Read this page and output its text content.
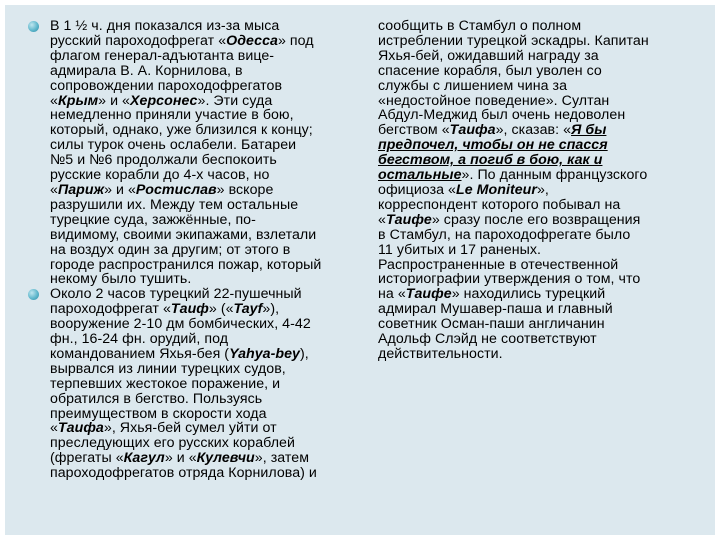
В 1 ½ ч. дня показался из-за мыса
русский пароходофрегат «Одесса» под
флагом генерал-адъютанта вице-
адмирала В. А. Корнилова, в
сопровождении пароходофрегатов
«Крым» и «Херсонес». Эти суда
немедленно приняли участие в бою,
который, однако, уже близился к концу;
силы турок очень ослабели. Батареи
№5 и №6 продолжали беспокоить
русские корабли до 4-х часов, но
«Париж» и «Ростислав» вскоре
разрушили их. Между тем остальные
турецкие суда, зажжённые, по-
видимому, своими экипажами, взлетали
на воздух один за другим; от этого в
городе распространился пожар, который
некому было тушить.
Около 2 часов турецкий 22-пушечный
пароходофрегат «Таиф» («Tayf»),
вооружение 2-10 дм бомбических, 4-42
фн., 16-24 фн. орудий, под
командованием Яхья-бея (Yahya-bey),
вырвался из линии турецких судов,
терпевших жестокое поражение, и
обратился в бегство. Пользуясь
преимуществом в скорости хода
«Таифа», Яхья-бей сумел уйти от
преследующих его русских кораблей
(фрегаты «Кагул» и «Кулевчи», затем
пароходофрегатов отряда Корнилова) и
сообщить в Стамбул о полном
истреблении турецкой эскадры. Капитан
Яхья-бей, ожидавший награду за
спасение корабля, был уволен со
службы с лишением чина за
«недостойное поведение». Султан
Абдул-Меджид был очень недоволен
бегством «Таифа», сказав: «Я бы
предпочел, чтобы он не спасся
бегством, а погиб в бою, как и
остальные». По данным французского
официоза «Le Moniteur»,
корреспондент которого побывал на
«Таифе» сразу после его возвращения
в Стамбул, на пароходофрегате было
11 убитых и 17 раненых.
Распространенные в отечественной
историографии утверждения о том, что
на «Таифе» находились турецкий
адмирал Мушавер-паша и главный
советник Осман-паши англичанин
Адольф Слэйд не соответствуют
действительности.
